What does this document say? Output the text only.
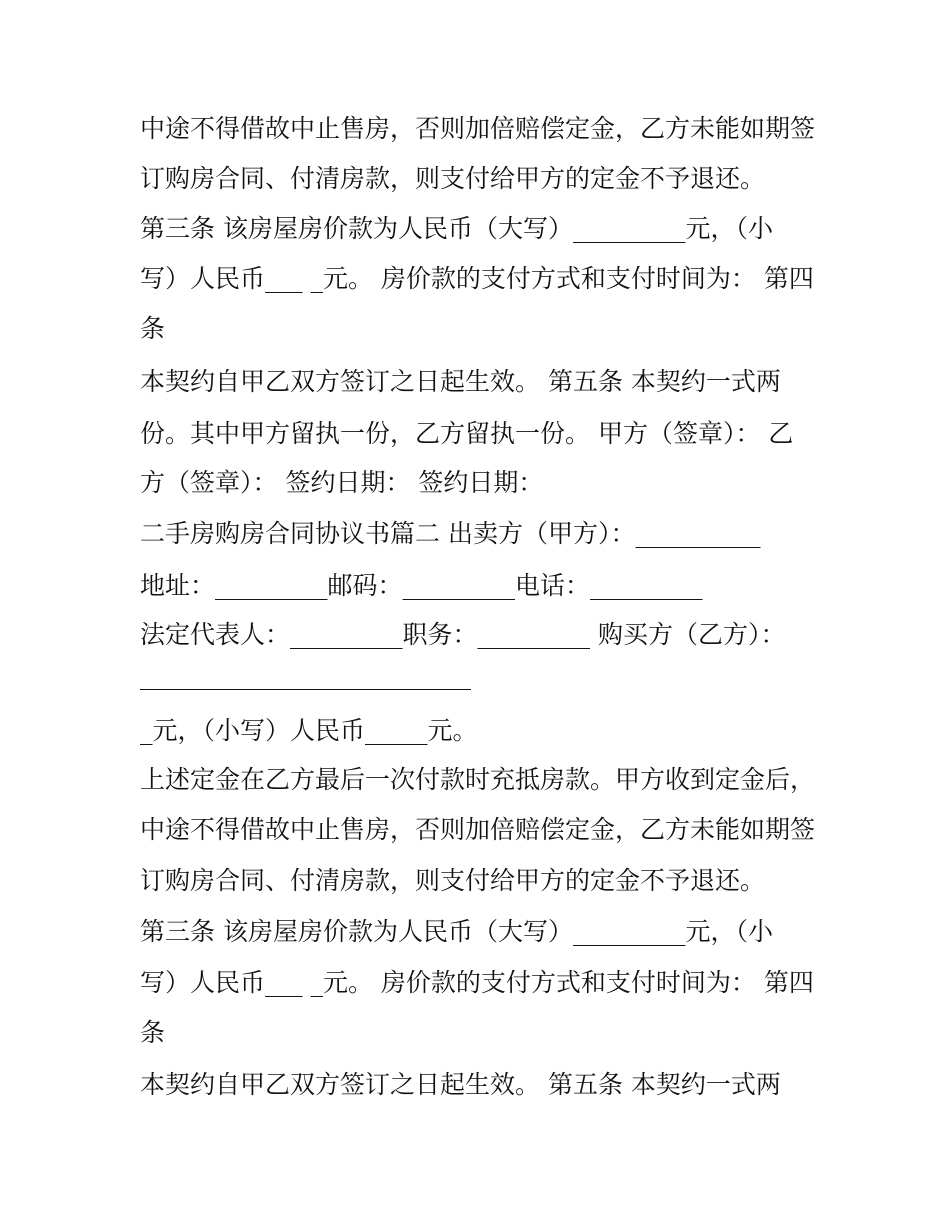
中途不得借故中止售房，否则加倍赔偿定金，乙方未能如期签
订购房合同、付清房款，则支付给甲方的定金不予退还。
第三条 该房屋房价款为人民币（大写）_________元，（小
写）人民币___ _元。 房价款的支付方式和支付时间为： 第四
条
本契约自甲乙双方签订之日起生效。 第五条 本契约一式两
份。其中甲方留执一份，乙方留执一份。 甲方（签章）： 乙
方（签章）： 签约日期： 签约日期：
二手房购房合同协议书篇二 出卖方（甲方）：__________
地址：_________邮码：_________电话：_________
法定代表人：_________职务：_________ 购买方（乙方）：
_元，（小写）人民币_____元。
上述定金在乙方最后一次付款时充抵房款。甲方收到定金后，
中途不得借故中止售房，否则加倍赔偿定金，乙方未能如期签
订购房合同、付清房款，则支付给甲方的定金不予退还。
第三条 该房屋房价款为人民币（大写）_________元，（小
写）人民币___ _元。 房价款的支付方式和支付时间为： 第四
条
本契约自甲乙双方签订之日起生效。 第五条 本契约一式两
